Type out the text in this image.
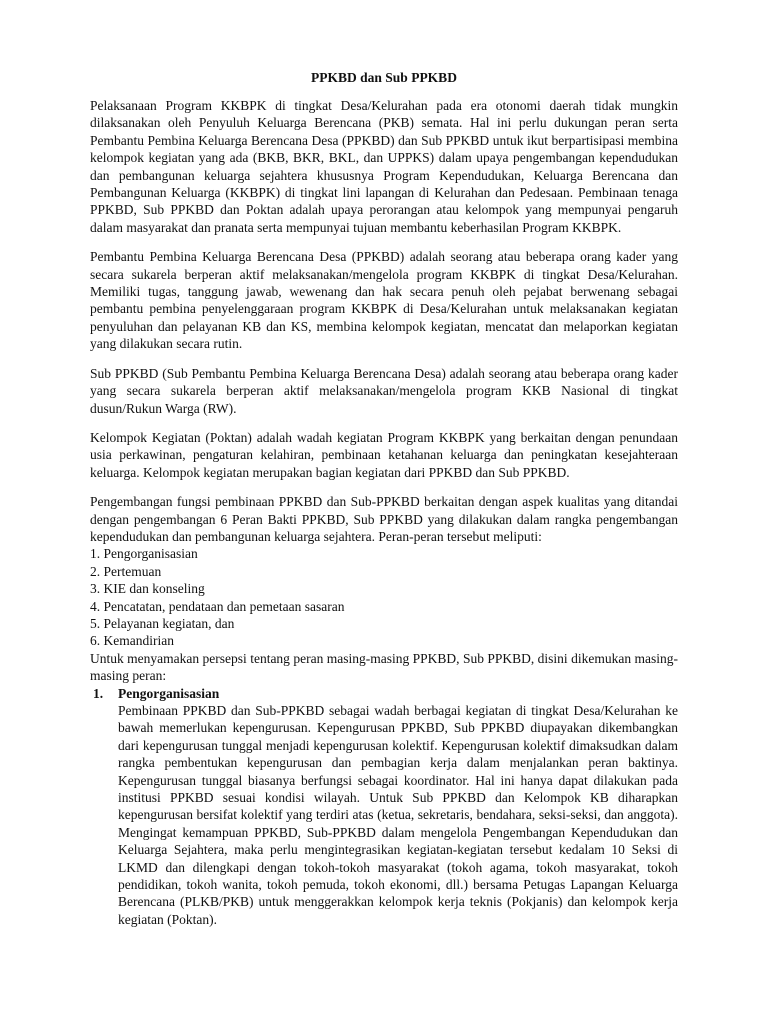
PPKBD dan Sub PPKBD

Pelaksanaan Program KKBPK di tingkat Desa/Kelurahan pada era otonomi daerah tidak mungkin dilaksanakan oleh Penyuluh Keluarga Berencana (PKB) semata. Hal ini perlu dukungan peran serta Pembantu Pembina Keluarga Berencana Desa (PPKBD) dan Sub PPKBD untuk ikut berpartisipasi membina kelompok kegiatan yang ada (BKB, BKR, BKL, dan UPPKS) dalam upaya pengembangan kependudukan dan pembangunan keluarga sejahtera khususnya Program Kependudukan, Keluarga Berencana dan Pembangunan Keluarga (KKBPK) di tingkat lini lapangan di Kelurahan dan Pedesaan. Pembinaan tenaga PPKBD, Sub PPKBD dan Poktan adalah upaya perorangan atau kelompok yang mempunyai pengaruh dalam masyarakat dan pranata serta mempunyai tujuan membantu keberhasilan Program KKBPK.

Pembantu Pembina Keluarga Berencana Desa (PPKBD) adalah seorang atau beberapa orang kader yang secara sukarela berperan aktif melaksanakan/mengelola program KKBPK di tingkat Desa/Kelurahan. Memiliki tugas, tanggung jawab, wewenang dan hak secara penuh oleh pejabat berwenang sebagai pembantu pembina penyelenggaraan program KKBPK di Desa/Kelurahan untuk melaksanakan kegiatan penyuluhan dan pelayanan KB dan KS, membina kelompok kegiatan, mencatat dan melaporkan kegiatan yang dilakukan secara rutin.

Sub PPKBD (Sub Pembantu Pembina Keluarga Berencana Desa) adalah seorang atau beberapa orang kader yang secara sukarela berperan aktif melaksanakan/mengelola program KKB Nasional di tingkat dusun/Rukun Warga (RW).

Kelompok Kegiatan (Poktan) adalah wadah kegiatan Program KKBPK yang berkaitan dengan penundaan usia perkawinan, pengaturan kelahiran, pembinaan ketahanan keluarga dan peningkatan kesejahteraan keluarga. Kelompok kegiatan merupakan bagian kegiatan dari PPKBD dan Sub PPKBD.

Pengembangan fungsi pembinaan PPKBD dan Sub-PPKBD berkaitan dengan aspek kualitas yang ditandai dengan pengembangan 6 Peran Bakti PPKBD, Sub PPKBD yang dilakukan dalam rangka pengembangan kependudukan dan pembangunan keluarga sejahtera. Peran-peran tersebut meliputi:

1. Pengorganisasian
2. Pertemuan
3. KIE dan konseling
4. Pencatatan, pendataan dan pemetaan sasaran
5. Pelayanan kegiatan, dan
6. Kemandirian

Untuk menyamakan persepsi tentang peran masing-masing PPKBD, Sub PPKBD, disini dikemukan masing-masing peran:

1.	Pengorganisasian
Pembinaan PPKBD dan Sub-PPKBD sebagai wadah berbagai kegiatan di tingkat Desa/Kelurahan ke bawah memerlukan kepengurusan. Kepengurusan PPKBD, Sub PPKBD diupayakan dikembangkan dari kepengurusan tunggal menjadi kepengurusan kolektif. Kepengurusan kolektif dimaksudkan dalam rangka pembentukan kepengurusan dan pembagian kerja dalam menjalankan peran baktinya. Kepengurusan tunggal biasanya berfungsi sebagai koordinator. Hal ini hanya dapat dilakukan pada institusi PPKBD sesuai kondisi wilayah. Untuk Sub PPKBD dan Kelompok KB diharapkan kepengurusan bersifat kolektif yang terdiri atas (ketua, sekretaris, bendahara, seksi-seksi, dan anggota). Mengingat kemampuan PPKBD, Sub-PPKBD dalam mengelola Pengembangan Kependudukan dan Keluarga Sejahtera, maka perlu mengintegrasikan kegiatan-kegiatan tersebut kedalam 10 Seksi di LKMD dan dilengkapi dengan tokoh-tokoh masyarakat (tokoh agama, tokoh masyarakat, tokoh pendidikan, tokoh wanita, tokoh pemuda, tokoh ekonomi, dll.) bersama Petugas Lapangan Keluarga Berencana (PLKB/PKB) untuk menggerakkan kelompok kerja teknis (Pokjanis) dan kelompok kerja kegiatan (Poktan).
